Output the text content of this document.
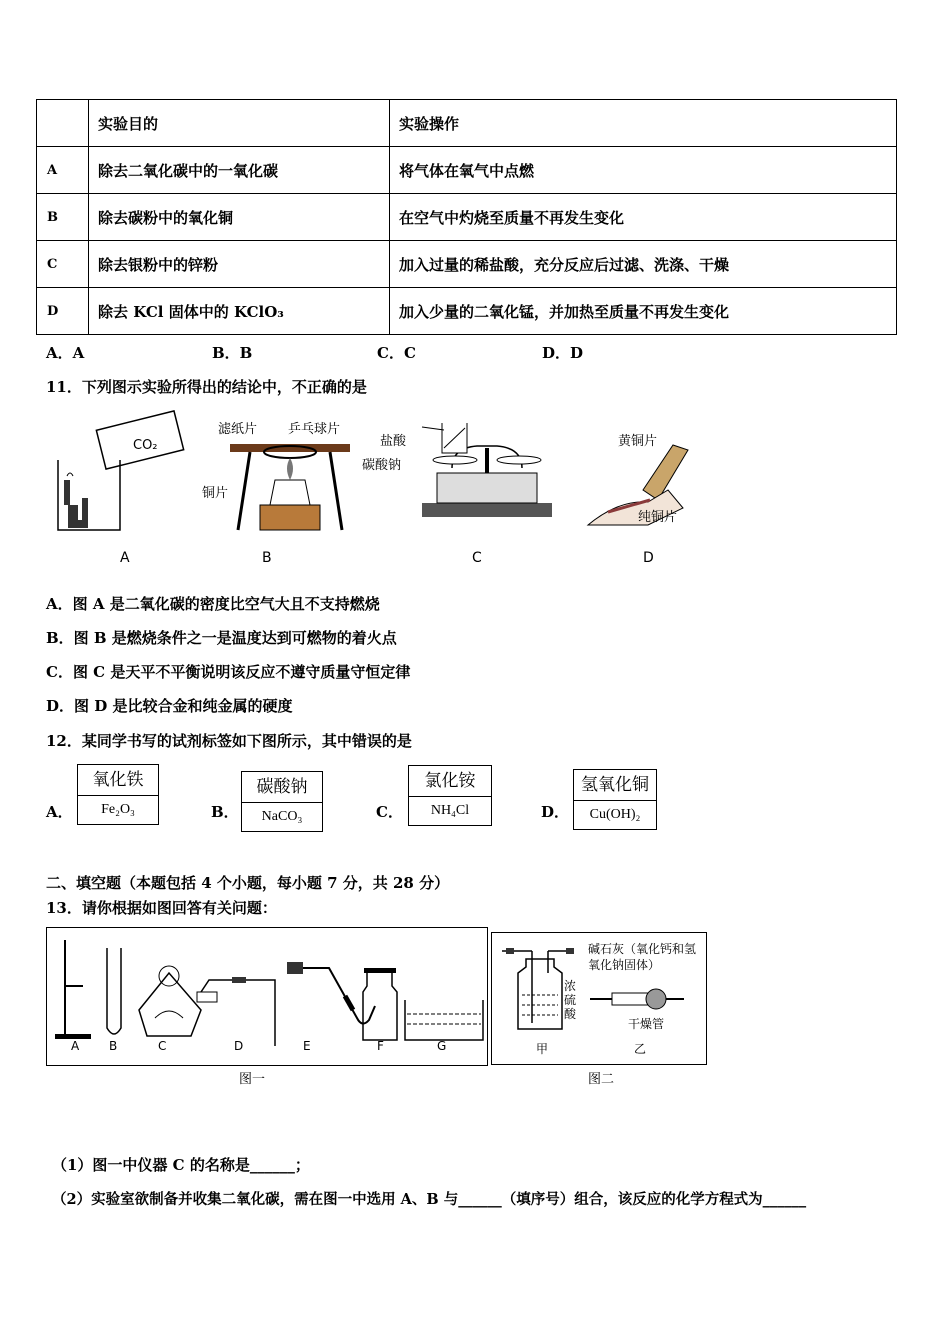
	实验目的	实验操作
A	除去二氧化碳中的一氧化碳	将气体在氧气中点燃
B	除去碳粉中的氧化铜	在空气中灼烧至质量不再发生变化
C	除去银粉中的锌粉	加入过量的稀盐酸，充分反应后过滤、洗涤、干燥
D	除去 KCl 固体中的 KClO₃	加入少量的二氧化锰，并加热至质量不再发生变化
A．A	B．B	C．C	D．D
11．下列图示实验所得出的结论中，不正确的是
CO₂
滤纸片 乒乓球片
铜片
盐酸
碳酸钠
黄铜片
纯铜片
A	B	C	D
A．图 A 是二氧化碳的密度比空气大且不支持燃烧
B．图 B 是燃烧条件之一是温度达到可燃物的着火点
C．图 C 是天平不平衡说明该反应不遵守质量守恒定律
D．图 D 是比较合金和纯金属的硬度
12．某同学书写的试剂标签如下图所示，其中错误的是
A．
氧化铁
Fe₂O₃	B．
碳酸钠
NaCO₃	C．
氯化铵
NH₄Cl	D．
氢氧化铜
Cu(OH)₂
二、填空题（本题包括 4 个小题，每小题 7 分，共 28 分）
13．请你根据如图回答有关问题：
A B	C	D	E	F	G
图一
碱石灰（氧化钙和氢氧化钠固体）
浓硫酸
干燥管
甲	乙
图二
（1）图一中仪器 C 的名称是______；
（2）实验室欲制备并收集二氧化碳，需在图一中选用 A、B 与______（填序号）组合，该反应的化学方程式为______
